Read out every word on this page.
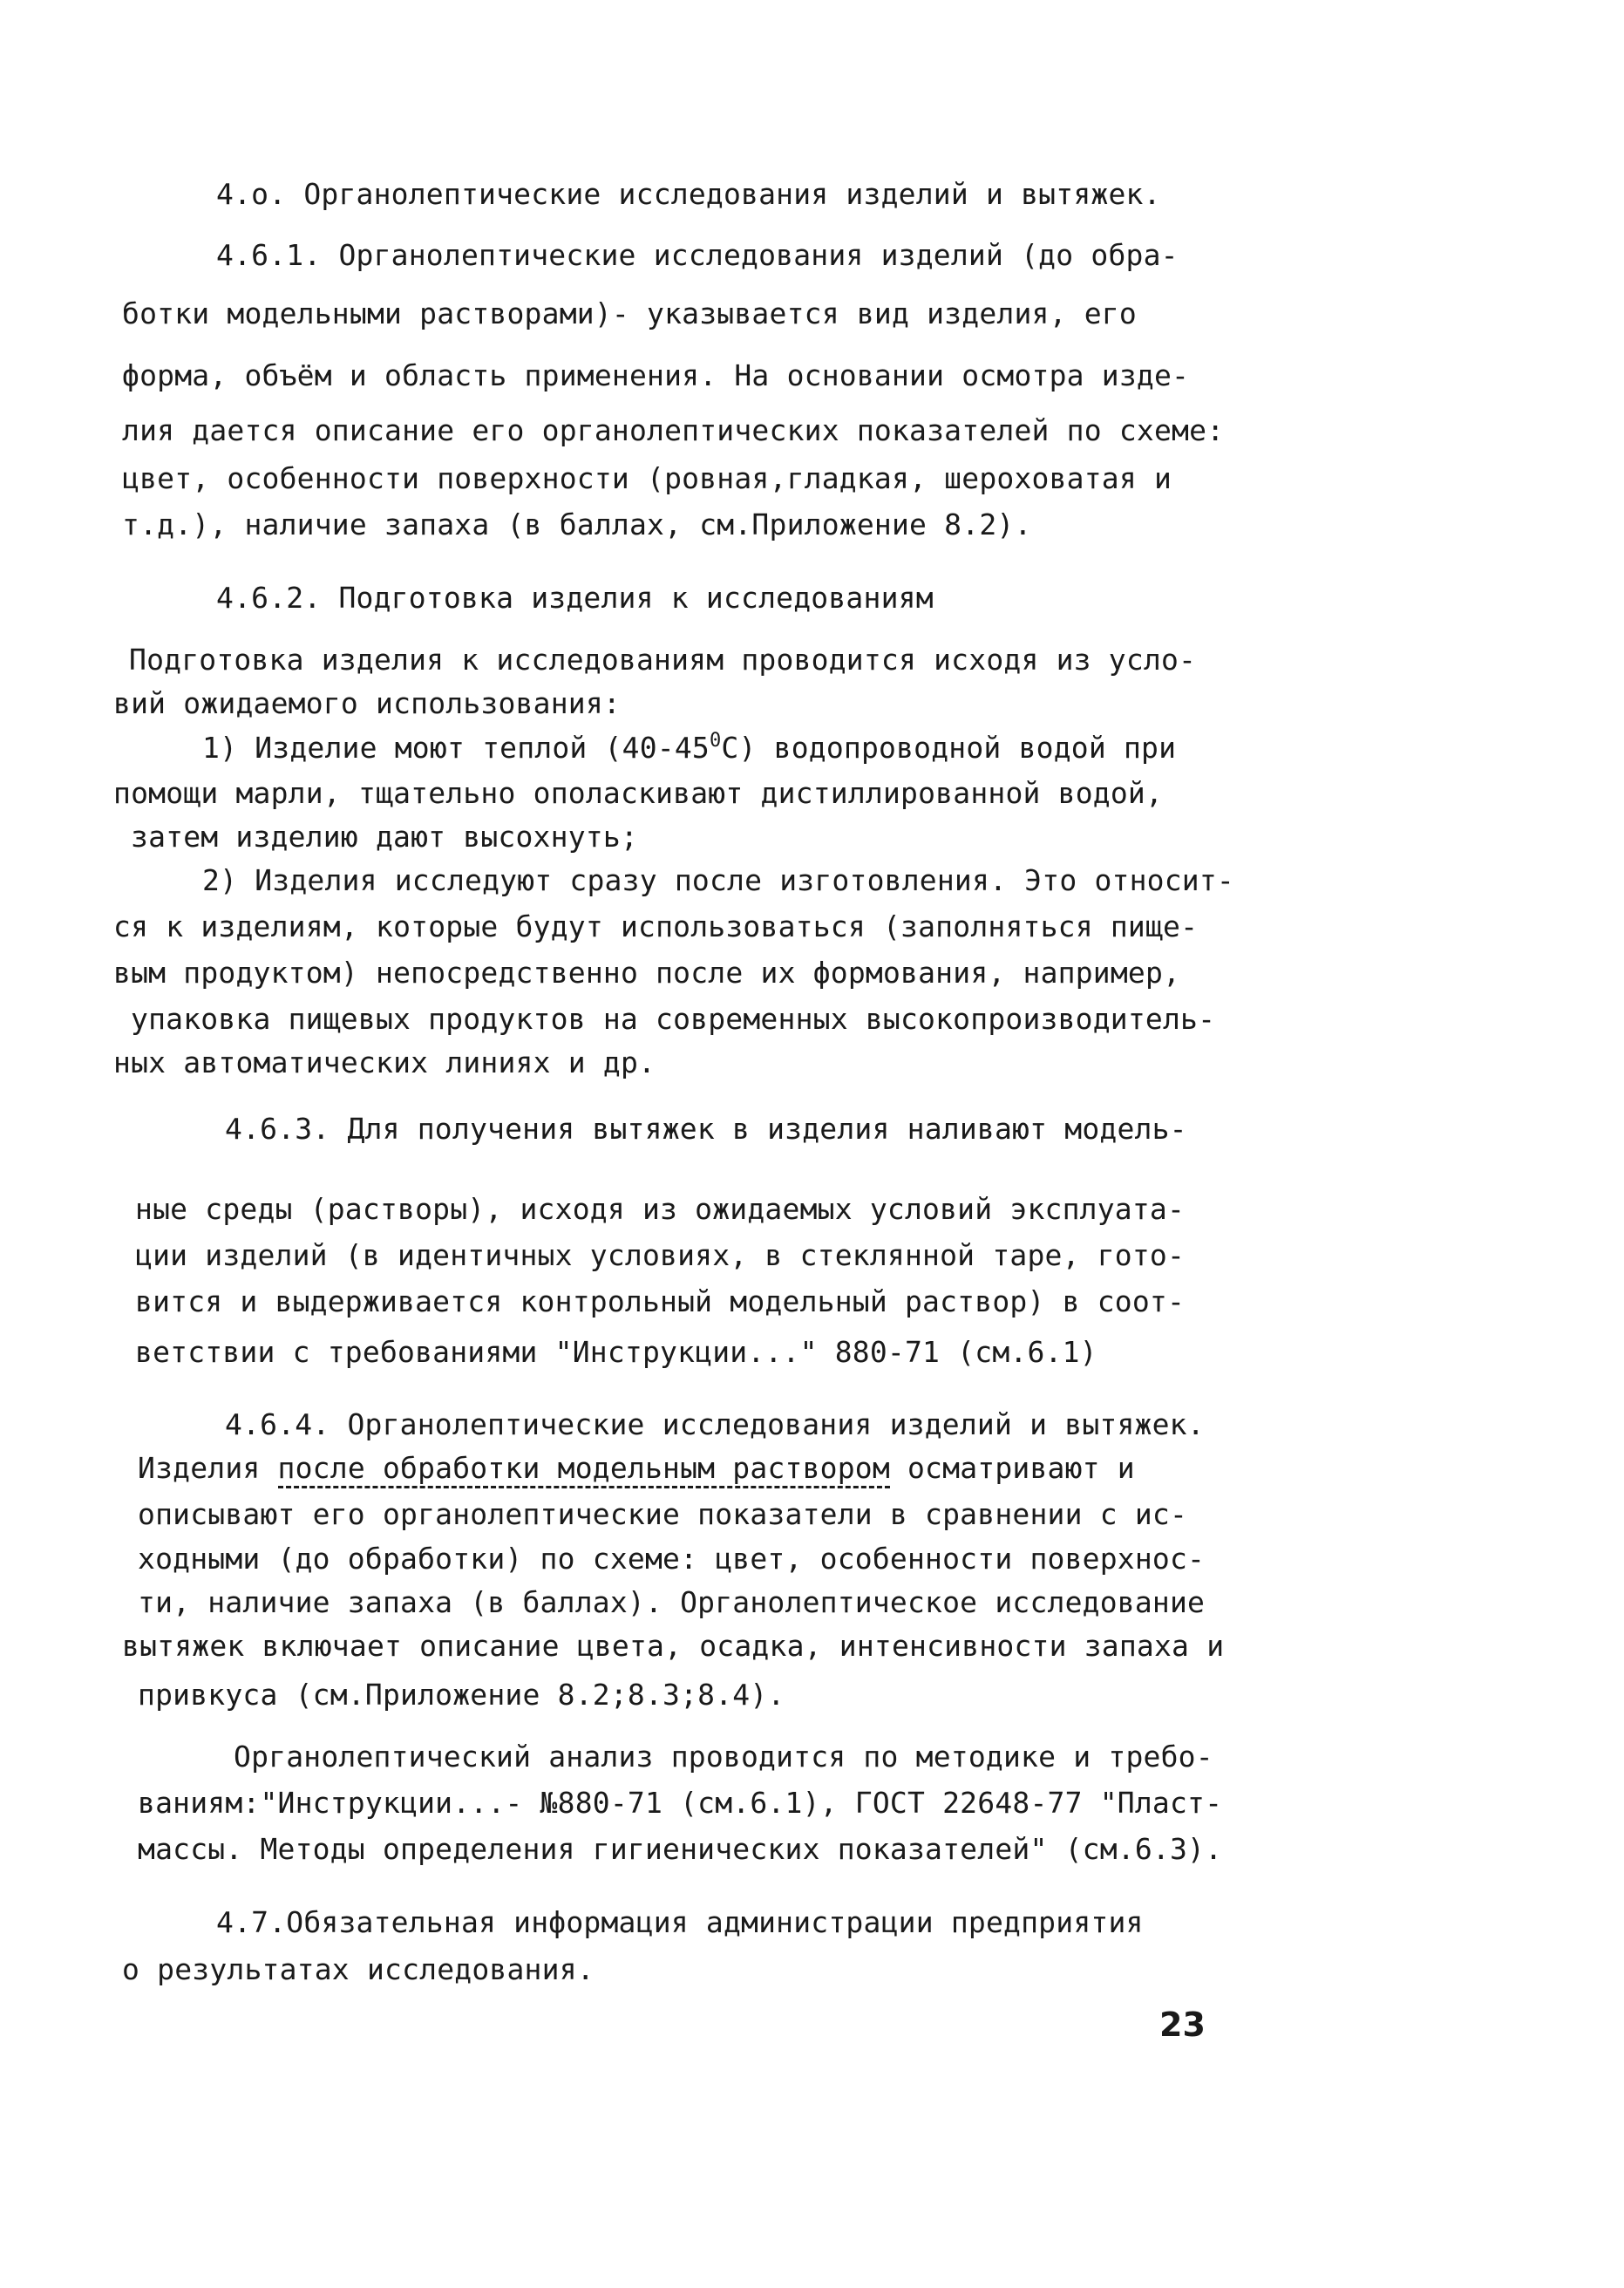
4.о. Органолептические исследования изделий и вытяжек.
4.6.1. Органолептические исследования изделий (до обра-
ботки модельными растворами)- указывается вид изделия, его
форма, объём и область применения. На основании осмотра изде-
лия дается описание его органолептических показателей по схеме:
цвет, особенности поверхности (ровная,гладкая, шероховатая и
т.д.), наличие запаха (в баллах, см.Приложение 8.2).
4.6.2. Подготовка изделия к исследованиям
Подготовка изделия к исследованиям проводится исходя из усло-
вий ожидаемого использования:
1) Изделие моют теплой $(40-45^0C)$ водопроводной водой при
помощи марли, тщательно ополаскивают дистиллированной водой,
затем изделию дают высохнуть;
2) Изделия исследуют сразу после изготовления. Это относит-
ся к изделиям, которые будут использоваться (заполняться пище-
вым продуктом) непосредственно после их формования, например,
упаковка пищевых продуктов на современных высокопроизводитель-
ных автоматических линиях и др.
4.6.3. Для получения вытяжек в изделия наливают модель-
ные среды (растворы), исходя из ожидаемых условий эксплуата-
ции изделий (в идентичных условиях, в стеклянной таре, гото-
вится и выдерживается контрольный модельный раствор) в соот-
ветствии с требованиями "Инструкции..." 880-71 (см.6.1)
4.6.4. Органолептические исследования изделий и вытяжек.
Изделия после обработки модельным раствором осматривают и
описывают его органолептические показатели в сравнении с ис-
ходными (до обработки) по схеме: цвет, особенности поверхнос-
ти, наличие запаха (в баллах). Органолептическое исследование
вытяжек включает описание цвета, осадка, интенсивности запаха и
привкуса (см.Приложение 8.2;8.3;8.4).
Органолептический анализ проводится по методике и требо-
ваниям:"Инструкции...- №880-71 (см.6.1), ГОСТ 22648-77 "Пласт-
массы. Методы определения гигиенических показателей" (см.6.3).
4.7.Обязательная информация администрации предприятия
о результатах исследования.
23
